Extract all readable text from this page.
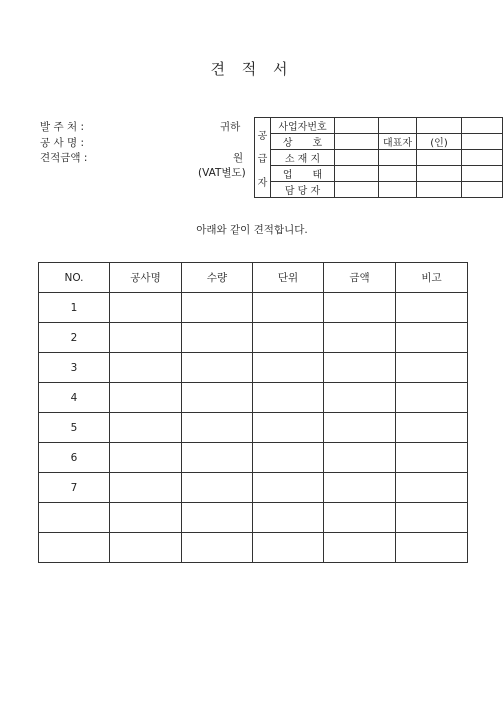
견 적 서
발 주 처 :
공 사 명 :
견적금액 :
귀하
원
(VAT별도)
공
급
자	사업자번호				
	상　　호		대표자	(인)	
	소 재 지				
	업　　태				
	담 당 자				
아래와 같이 견적합니다.
NO.	공사명	수량	단위	금액	비고
1					
2					
3					
4					
5					
6					
7					
